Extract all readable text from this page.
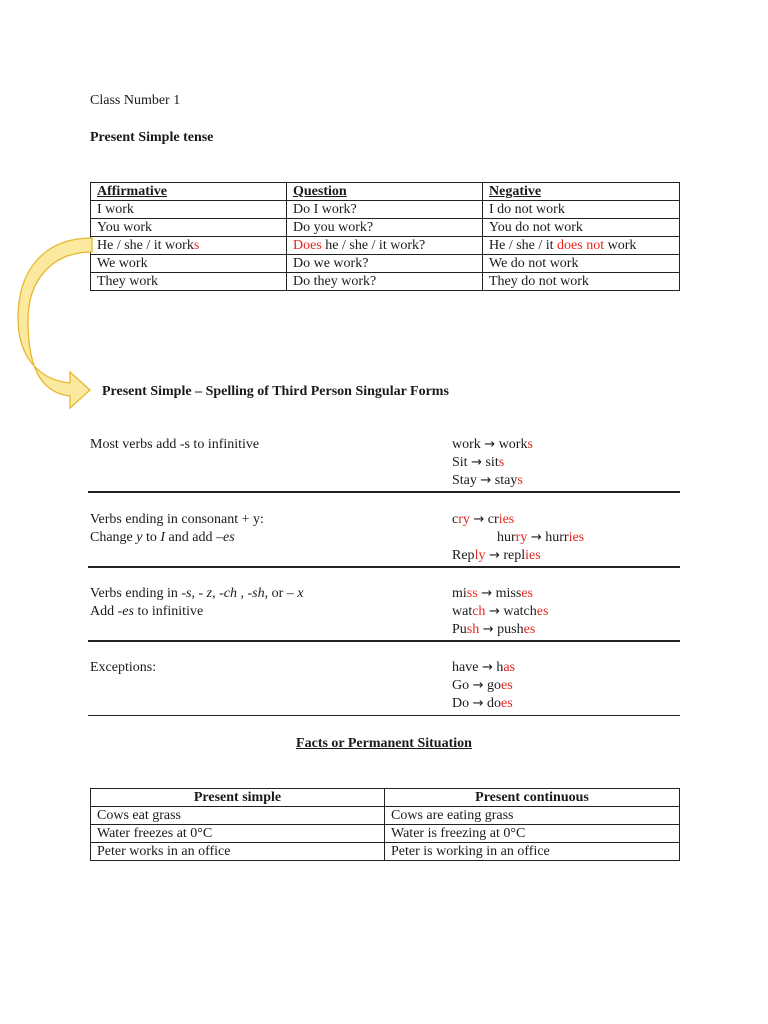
Class Number 1
Present Simple tense
Affirmative	Question	Negative
I work	Do I work?	I do not work
You work	Do you work?	You do not work
He / she / it works	Does he / she / it work?	He / she / it does not work
We work	Do we work?	We do not work
They work	Do they work?	They do not work
Present Simple – Spelling of Third Person Singular Forms
Most verbs add -s to infinitive	work → works
Sit → sits
Stay → stays
Verbs ending in consonant + y:
Change y to I and add –es
cry → cries
hurry → hurries
Reply → replies
Verbs ending in -s, - z, -ch , -sh, or – x
Add -es to infinitive
miss → misses
watch → watches
Push → pushes
Exceptions:	have → has
Go → goes
Do → does
Facts or Permanent Situation
Present simple	Present continuous
Cows eat grass	Cows are eating grass
Water freezes at 0°C	Water is freezing at 0°C
Peter works in an office	Peter is working in an office
